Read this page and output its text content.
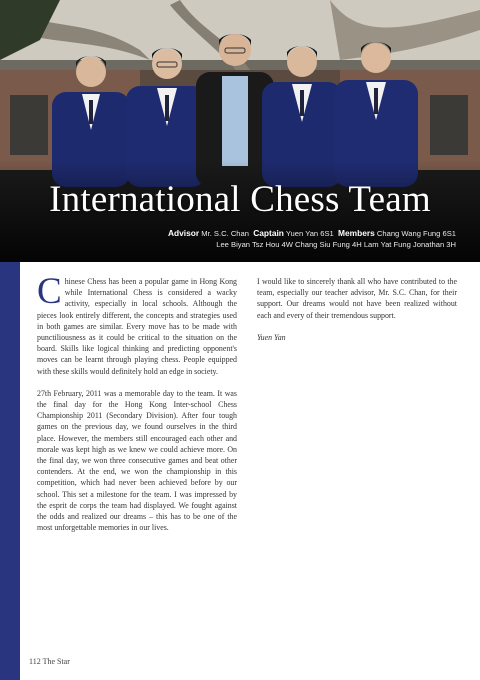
International Chess Team
Advisor Mr. S.C. Chan Captain Yuen Yan 6S1 Members Chang Wang Fung 6S1
Lee Biyan Tsz Hou 4W Chang Siu Fung 4H Lam Yat Fung Jonathan 3H

Chinese Chess has been a popular game in Hong Kong while International Chess is considered a wacky activity, especially in local schools. Although the pieces look entirely different, the concepts and strategies used in both games are similar. Every move has to be made with punctiliousness as it could be critical to the situation on the board. Skills like logical thinking and predicting opponent's moves can be learnt through playing chess. People equipped with these skills would definitely hold an edge in society.

27th February, 2011 was a memorable day to the team. It was the final day for the Hong Kong Inter-school Chess Championship 2011 (Secondary Division). After four tough games on the previous day, we found ourselves in the third place. However, the members still encouraged each other and morale was kept high as we knew we could achieve more. On the final day, we won three consecutive games and beat other contenders. At the end, we won the championship in this competition, which had never been achieved before by our school. This set a milestone for the team. I was impressed by the esprit de corps the team had displayed. We fought against the odds and realized our dreams – this has to be one of the most unforgettable memories in our lives.

I would like to sincerely thank all who have contributed to the team, especially our teacher advisor, Mr. S.C. Chan, for their support. Our dreams would not have been realized without each and every of their tremendous support.

Yuen Yan

112 The Star
